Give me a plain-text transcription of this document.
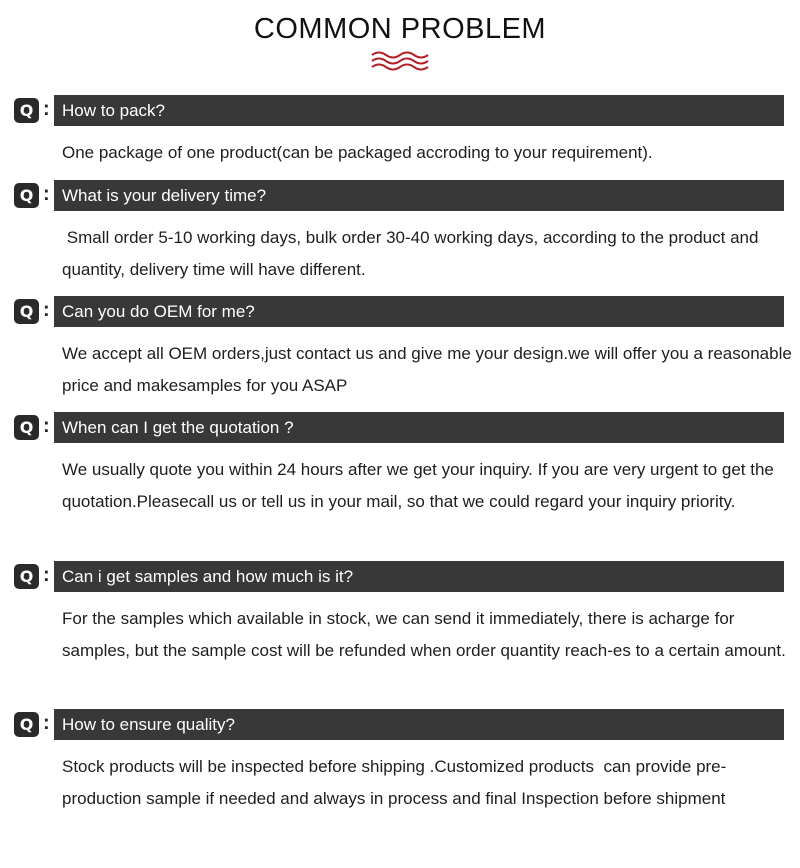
COMMON PROBLEM
Q : How to pack?
One package of one product(can be packaged accroding to your requirement).
Q : What is your delivery time?
Small order 5-10 working days, bulk order 30-40 working days, according to the product and quantity, delivery time will have different.
Q : Can you do OEM for me?
We accept all OEM orders,just contact us and give me your design.we will offer you a reasonable price and makesamples for you ASAP
Q : When can I get the quotation ?
We usually quote you within 24 hours after we get your inquiry. If you are very urgent to get the quotation.Pleasecall us or tell us in your mail, so that we could regard your inquiry priority.
Q : Can i get samples and how much is it?
For the samples which available in stock, we can send it immediately, there is acharge for samples, but the sample cost will be refunded when order quantity reach-es to a certain amount.
Q : How to ensure quality?
Stock products will be inspected before shipping .Customized products  can provide pre-production sample if needed and always in process and final Inspection before shipment
